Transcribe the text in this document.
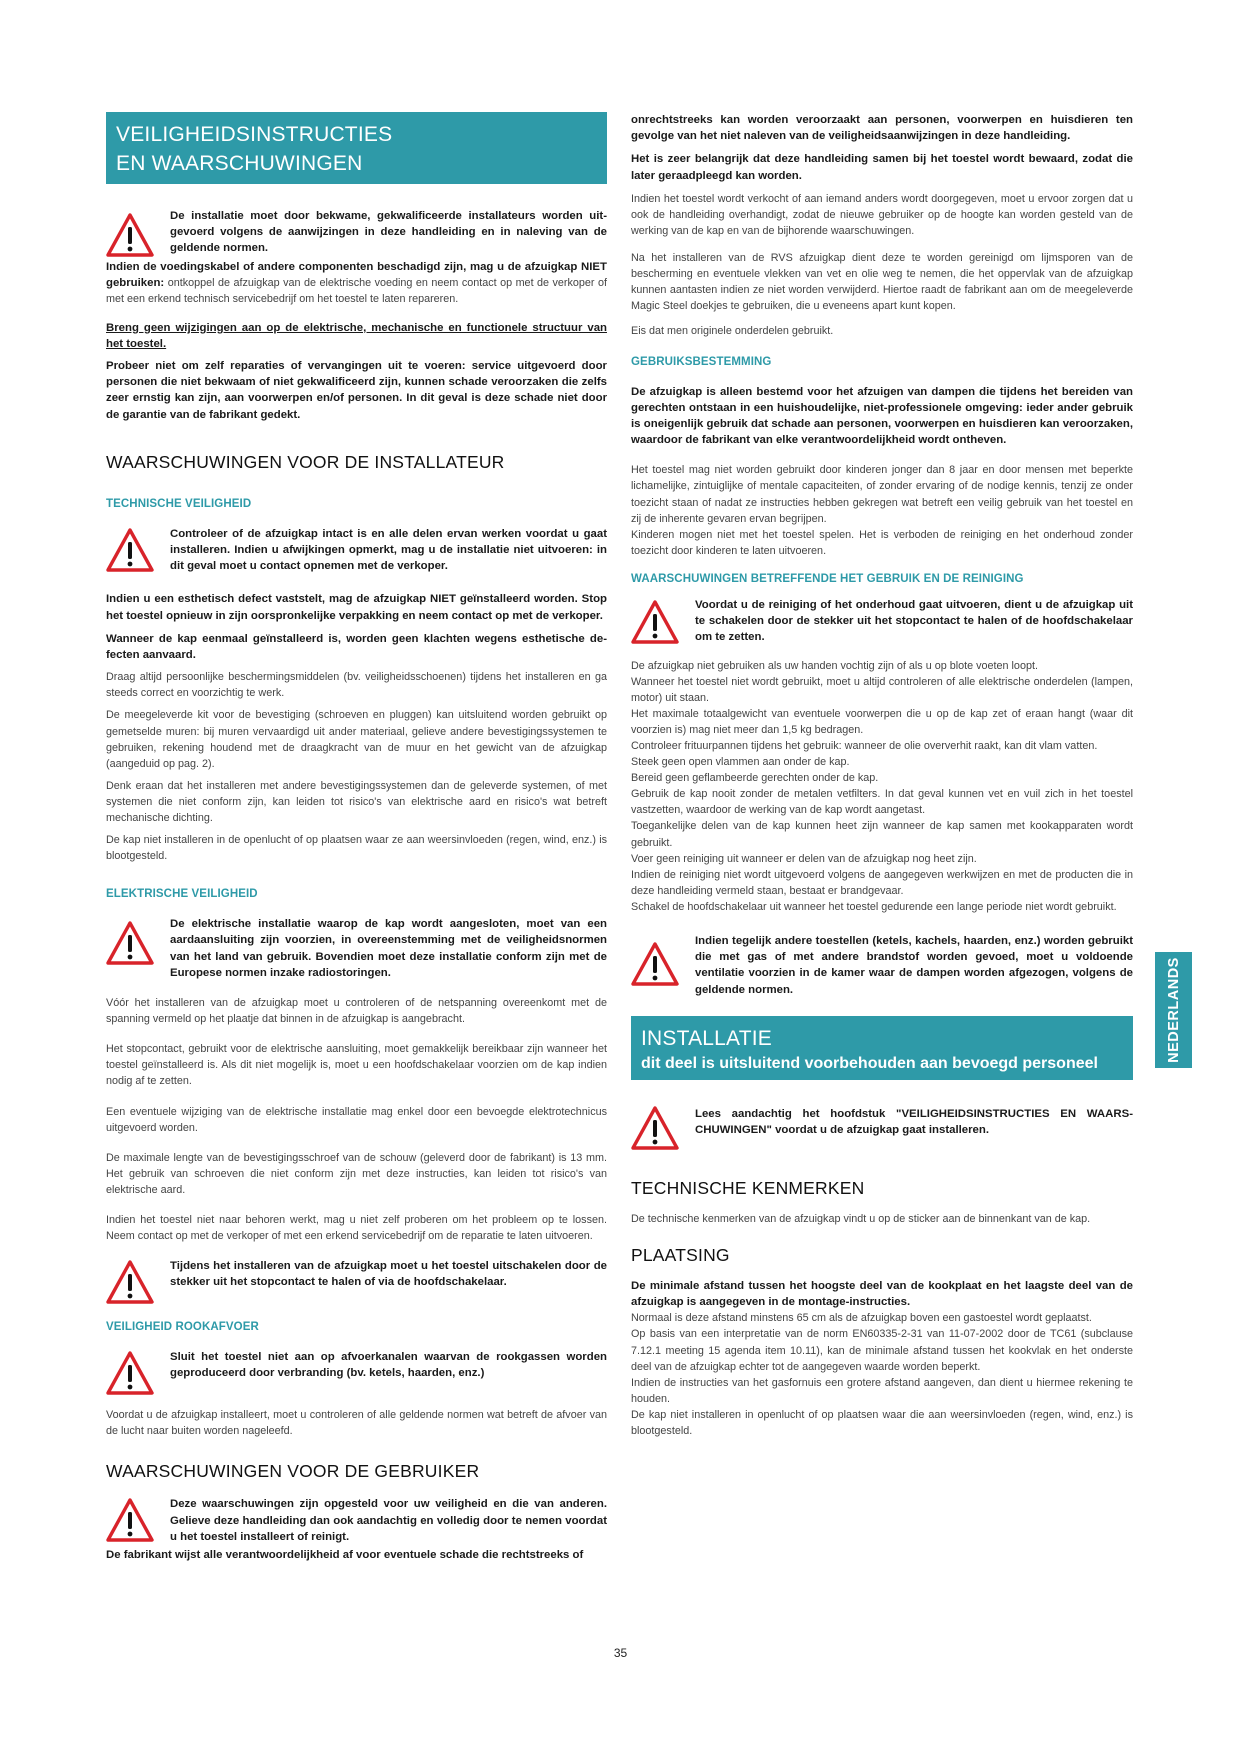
VEILIGHEIDSINSTRUCTIES
EN WAARSCHUWINGEN

De installatie moet door bekwame, gekwalificeerde installateurs worden uit-gevoerd volgens de aanwijzingen in deze handleiding en in naleving van de geldende normen.

Indien de voedingskabel of andere componenten beschadigd zijn, mag u de afzuigkap NIET gebruiken: ontkoppel de afzuigkap van de elektrische voeding en neem contact op met de verkoper of met een erkend technisch servicebedrijf om het toestel te laten repareren.

Breng geen wijzigingen aan op de elektrische, mechanische en functionele structuur van het toestel.

Probeer niet om zelf reparaties of vervangingen uit te voeren: service uitgevoerd door personen die niet bekwaam of niet gekwalificeerd zijn, kunnen schade veroorzaken die zelfs zeer ernstig kan zijn, aan voorwerpen en/of personen. In dit geval is deze schade niet door de garantie van de fabrikant gedekt.

WAARSCHUWINGEN VOOR DE INSTALLATEUR
TECHNISCHE VEILIGHEID

Controleer of de afzuigkap intact is en alle delen ervan werken voordat u gaat installeren. Indien u afwijkingen opmerkt, mag u de installatie niet uitvoeren: in dit geval moet u contact opnemen met de verkoper.

Indien u een esthetisch defect vaststelt, mag de afzuigkap NIET geïnstalleerd worden. Stop het toestel opnieuw in zijn oorspronkelijke verpakking en neem contact op met de verkoper.

Wanneer de kap eenmaal geïnstalleerd is, worden geen klachten wegens esthetische de-fecten aanvaard.

Draag altijd persoonlijke beschermingsmiddelen (bv. veiligheidsschoenen) tijdens het installeren en ga steeds correct en voorzichtig te werk.

De meegeleverde kit voor de bevestiging (schroeven en pluggen) kan uitsluitend worden gebruikt op gemetselde muren: bij muren vervaardigd uit ander materiaal, gelieve andere bevestigingssystemen te gebruiken, rekening houdend met de draagkracht van de muur en het gewicht van de afzuigkap (aangeduid op pag. 2).

Denk eraan dat het installeren met andere bevestigingssystemen dan de geleverde systemen, of met systemen die niet conform zijn, kan leiden tot risico's van elektrische aard en risico's wat betreft mechanische dichting.

De kap niet installeren in de openlucht of op plaatsen waar ze aan weersinvloeden (regen, wind, enz.) is blootgesteld.

ELEKTRISCHE VEILIGHEID

De elektrische installatie waarop de kap wordt aangesloten, moet van een aardaansluiting zijn voorzien, in overeenstemming met de veiligheidsnormen van het land van gebruik. Bovendien moet deze installatie conform zijn met de Europese normen inzake radiostoringen.

Vóór het installeren van de afzuigkap moet u controleren of de netspanning overeenkomt met de spanning vermeld op het plaatje dat binnen in de afzuigkap is aangebracht.

Het stopcontact, gebruikt voor de elektrische aansluiting, moet gemakkelijk bereikbaar zijn wanneer het toestel geïnstalleerd is. Als dit niet mogelijk is, moet u een hoofdschakelaar voorzien om de kap indien nodig af te zetten.

Een eventuele wijziging van de elektrische installatie mag enkel door een bevoegde elektrotechnicus uitgevoerd worden.

De maximale lengte van de bevestigingsschroef van de schouw (geleverd door de fabrikant) is 13 mm. Het gebruik van schroeven die niet conform zijn met deze instructies, kan leiden tot risico's van elektrische aard.

Indien het toestel niet naar behoren werkt, mag u niet zelf proberen om het probleem op te lossen. Neem contact op met de verkoper of met een erkend servicebedrijf om de reparatie te laten uitvoeren.

Tijdens het installeren van de afzuigkap moet u het toestel uitschakelen door de stekker uit het stopcontact te halen of via de hoofdschakelaar.

VEILIGHEID ROOKAFVOER

Sluit het toestel niet aan op afvoerkanalen waarvan de rookgassen worden geproduceerd door verbranding (bv. ketels, haarden, enz.)

Voordat u de afzuigkap installeert, moet u controleren of alle geldende normen wat betreft de afvoer van de lucht naar buiten worden nageleefd.

WAARSCHUWINGEN VOOR DE GEBRUIKER

Deze waarschuwingen zijn opgesteld voor uw veiligheid en die van anderen. Gelieve deze handleiding dan ook aandachtig en volledig door te nemen voordat u het toestel installeert of reinigt.

De fabrikant wijst alle verantwoordelijkheid af voor eventuele schade die rechtstreeks of

onrechtstreeks kan worden veroorzaakt aan personen, voorwerpen en huisdieren ten gevolge van het niet naleven van de veiligheidsaanwijzingen in deze handleiding.

Het is zeer belangrijk dat deze handleiding samen bij het toestel wordt bewaard, zodat die later geraadpleegd kan worden.

Indien het toestel wordt verkocht of aan iemand anders wordt doorgegeven, moet u ervoor zorgen dat u ook de handleiding overhandigt, zodat de nieuwe gebruiker op de hoogte kan worden gesteld van de werking van de kap en van de bijhorende waarschuwingen.

Na het installeren van de RVS afzuigkap dient deze te worden gereinigd om lijmsporen van de bescherming en eventuele vlekken van vet en olie weg te nemen, die het oppervlak van de afzuigkap kunnen aantasten indien ze niet worden verwijderd. Hiertoe raadt de fabrikant aan om de meegeleverde Magic Steel doekjes te gebruiken, die u eveneens apart kunt kopen.

Eis dat men originele onderdelen gebruikt.

GEBRUIKSBESTEMMING

De afzuigkap is alleen bestemd voor het afzuigen van dampen die tijdens het bereiden van gerechten ontstaan in een huishoudelijke, niet-professionele omgeving: ieder ander gebruik is oneigenlijk gebruik dat schade aan personen, voorwerpen en huisdieren kan veroorzaken, waardoor de fabrikant van elke verantwoordelijkheid wordt ontheven.

Het toestel mag niet worden gebruikt door kinderen jonger dan 8 jaar en door mensen met beperkte lichamelijke, zintuiglijke of mentale capaciteiten, of zonder ervaring of de nodige kennis, tenzij ze onder toezicht staan of nadat ze instructies hebben gekregen wat betreft een veilig gebruik van het toestel en zij de inherente gevaren ervan begrijpen.

Kinderen mogen niet met het toestel spelen. Het is verboden de reiniging en het onderhoud zonder toezicht door kinderen te laten uitvoeren.

WAARSCHUWINGEN BETREFFENDE HET GEBRUIK EN DE REINIGING

Voordat u de reiniging of het onderhoud gaat uitvoeren, dient u de afzuigkap uit te schakelen door de stekker uit het stopcontact te halen of de hoofdschakelaar om te zetten.

De afzuigkap niet gebruiken als uw handen vochtig zijn of als u op blote voeten loopt.

Wanneer het toestel niet wordt gebruikt, moet u altijd controleren of alle elektrische onderdelen (lampen, motor) uit staan.

Het maximale totaalgewicht van eventuele voorwerpen die u op de kap zet of eraan hangt (waar dit voorzien is) mag niet meer dan 1,5 kg bedragen.

Controleer frituurpannen tijdens het gebruik: wanneer de olie oververhit raakt, kan dit vlam vatten.

Steek geen open vlammen aan onder de kap.

Bereid geen geflambeerde gerechten onder de kap.

Gebruik de kap nooit zonder de metalen vetfilters. In dat geval kunnen vet en vuil zich in het toestel vastzetten, waardoor de werking van de kap wordt aangetast.

Toegankelijke delen van de kap kunnen heet zijn wanneer de kap samen met kookapparaten wordt gebruikt.

Voer geen reiniging uit wanneer er delen van de afzuigkap nog heet zijn.

Indien de reiniging niet wordt uitgevoerd volgens de aangegeven werkwijzen en met de producten die in deze handleiding vermeld staan, bestaat er brandgevaar.

Schakel de hoofdschakelaar uit wanneer het toestel gedurende een lange periode niet wordt gebruikt.

Indien tegelijk andere toestellen (ketels, kachels, haarden, enz.) worden gebruikt die met gas of met andere brandstof worden gevoed, moet u voldoende ventilatie voorzien in de kamer waar de dampen worden afgezogen, volgens de geldende normen.

INSTALLATIE
dit deel is uitsluitend voorbehouden aan bevoegd personeel

Lees aandachtig het hoofdstuk "VEILIGHEIDSINSTRUCTIES EN WAARS-CHUWINGEN" voordat u de afzuigkap gaat installeren.

TECHNISCHE KENMERKEN

De technische kenmerken van de afzuigkap vindt u op de sticker aan de binnenkant van de kap.

PLAATSING

De minimale afstand tussen het hoogste deel van de kookplaat en het laagste deel van de afzuigkap is aangegeven in de montage-instructies.

Normaal is deze afstand minstens 65 cm als de afzuigkap boven een gastoestel wordt geplaatst.

Op basis van een interpretatie van de norm EN60335-2-31 van 11-07-2002 door de TC61 (subclause 7.12.1 meeting 15 agenda item 10.11), kan de minimale afstand tussen het kookvlak en het onderste deel van de afzuigkap echter tot de aangegeven waarde worden beperkt.

Indien de instructies van het gasfornuis een grotere afstand aangeven, dan dient u hiermee rekening te houden.

De kap niet installeren in openlucht of op plaatsen waar die aan weersinvloeden (regen, wind, enz.) is blootgesteld.

NEDERLANDS
35
